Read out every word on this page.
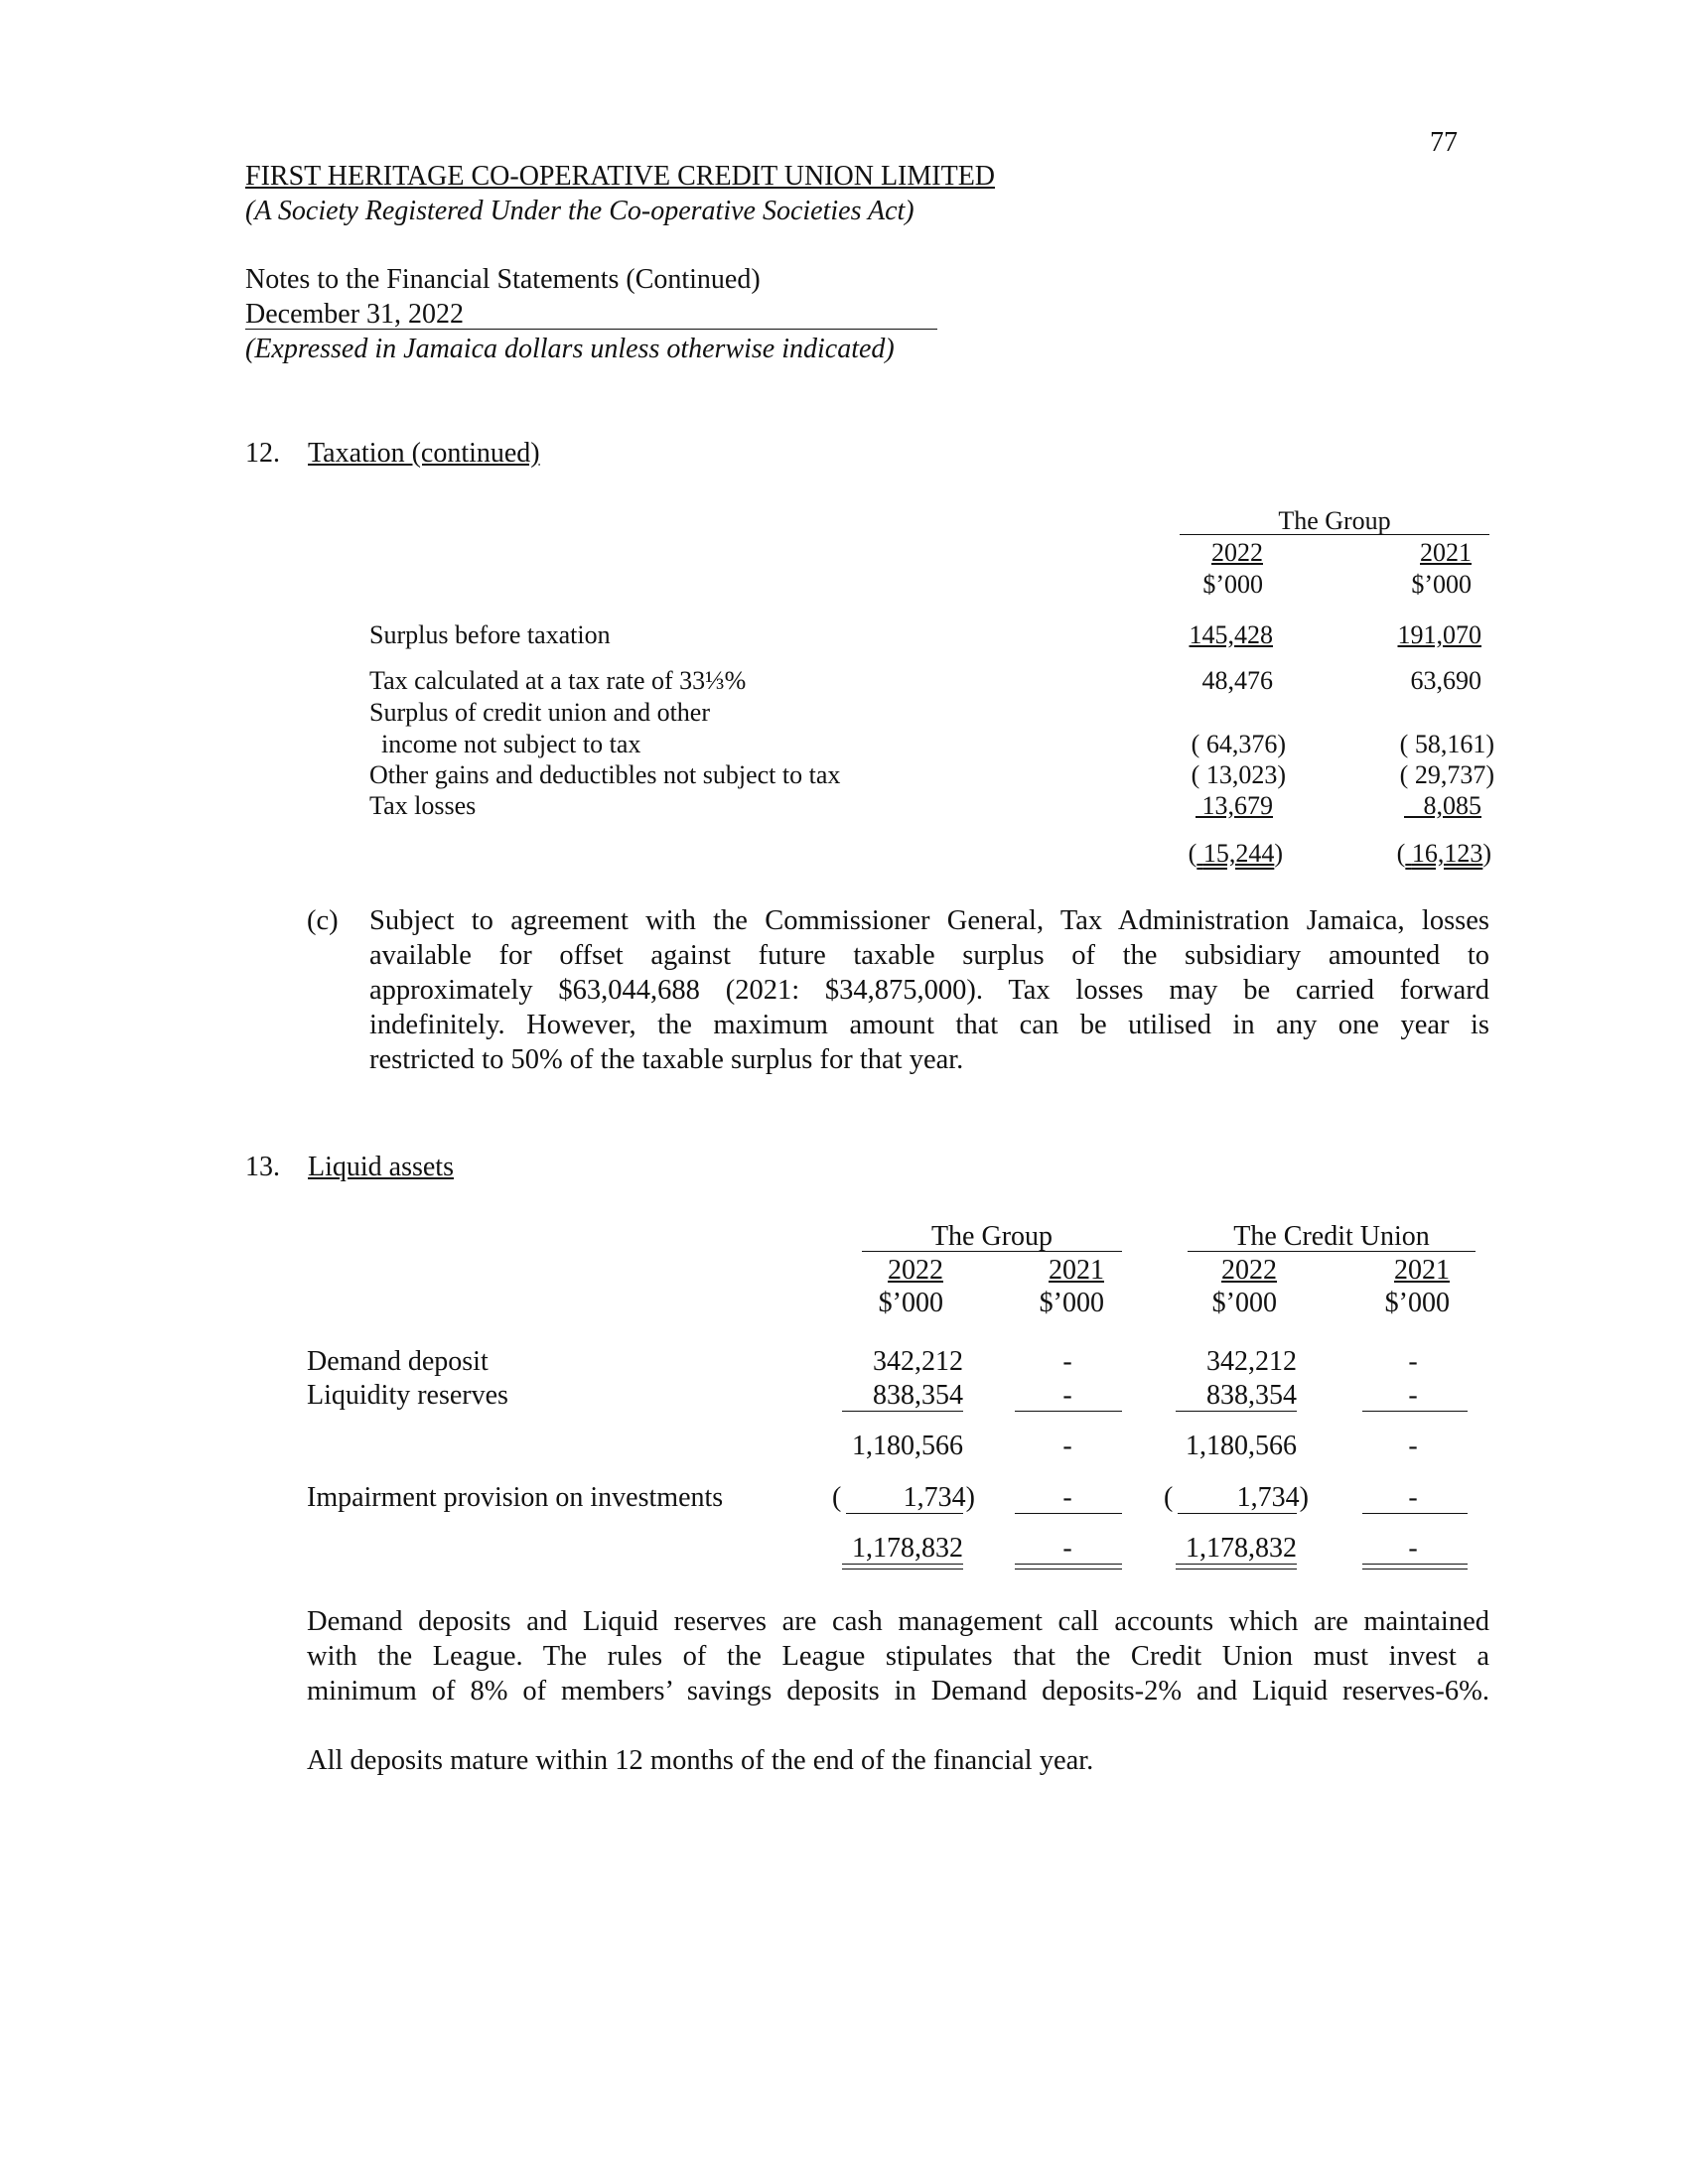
77
FIRST HERITAGE CO-OPERATIVE CREDIT UNION LIMITED
(A Society Registered Under the Co-operative Societies Act)
Notes to the Financial Statements (Continued)
December 31, 2022
(Expressed in Jamaica dollars unless otherwise indicated)
12. Taxation (continued)
The Group
2022	2021
$’000	$’000
Surplus before taxation	145,428	191,070
Tax calculated at a tax rate of 33⅓%	48,476	63,690
Surplus of credit union and other
income not subject to tax	( 64,376)	( 58,161)
Other gains and deductibles not subject to tax	( 13,023)	( 29,737)
Tax losses	13,679	8,085
( 15,244)	( 16,123)
(c) Subject to agreement with the Commissioner General, Tax Administration Jamaica, losses
available for offset against future taxable surplus of the subsidiary amounted to
approximately $63,044,688 (2021: $34,875,000). Tax losses may be carried forward
indefinitely. However, the maximum amount that can be utilised in any one year is
restricted to 50% of the taxable surplus for that year.
13. Liquid assets
The Group	The Credit Union
2022	2021	2022	2021
$’000	$’000	$’000	$’000
Demand deposit	342,212	-	342,212	-
Liquidity reserves	838,354	-	838,354	-
1,180,566	-	1,180,566	-
Impairment provision on investments	(	1,734)	-	(	1,734)	-
1,178,832	-	1,178,832	-
Demand deposits and Liquid reserves are cash management call accounts which are maintained
with the League. The rules of the League stipulates that the Credit Union must invest a
minimum of 8% of members’ savings deposits in Demand deposits-2% and Liquid reserves-6%.
All deposits mature within 12 months of the end of the financial year.
